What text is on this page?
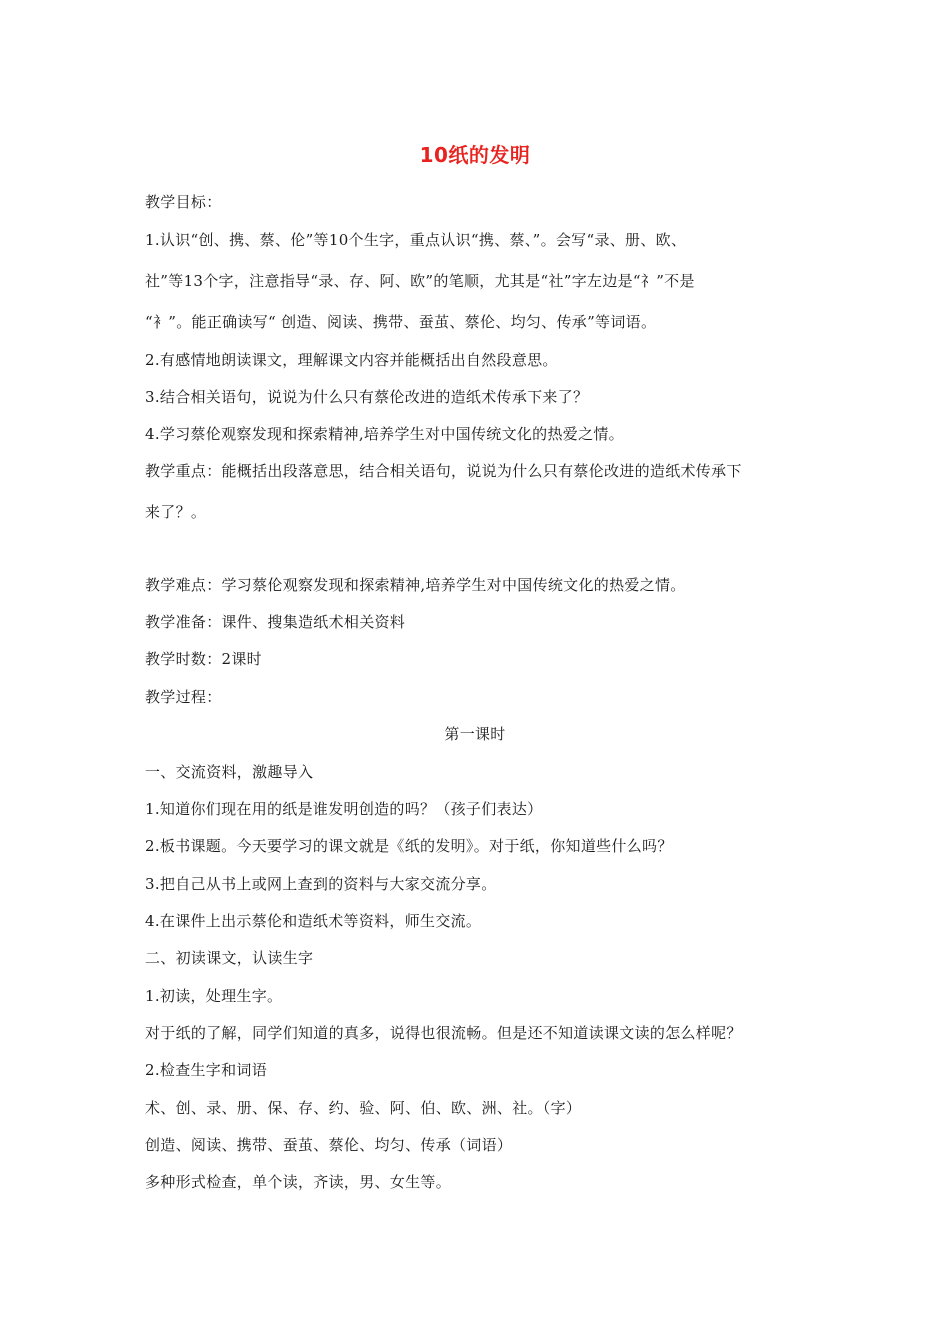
10纸的发明
教学目标：
1.认识“创、携、蔡、伦”等10个生字，重点认识“携、蔡、”。会写“录、册、欧、
社”等13个字，注意指导“录、存、阿、欧”的笔顺，尤其是“社”字左边是“礻”不是
“衤”。能正确读写“ 创造、阅读、携带、蚕茧、蔡伦、均匀、传承”等词语。
2.有感情地朗读课文，理解课文内容并能概括出自然段意思。
3.结合相关语句，说说为什么只有蔡伦改进的造纸术传承下来了？
4.学习蔡伦观察发现和探索精神,培养学生对中国传统文化的热爱之情。
教学重点：能概括出段落意思，结合相关语句，说说为什么只有蔡伦改进的造纸术传承下
来了？。
教学难点：学习蔡伦观察发现和探索精神,培养学生对中国传统文化的热爱之情。
教学准备：课件、搜集造纸术相关资料
教学时数：2课时
教学过程：
第一课时
一、交流资料，激趣导入
1.知道你们现在用的纸是谁发明创造的吗？（孩子们表达）
2.板书课题。今天要学习的课文就是《纸的发明》。对于纸，你知道些什么吗？
3.把自己从书上或网上查到的资料与大家交流分享。
4.在课件上出示蔡伦和造纸术等资料，师生交流。
二、初读课文，认读生字
1.初读，处理生字。
对于纸的了解，同学们知道的真多，说得也很流畅。但是还不知道读课文读的怎么样呢？
2.检查生字和词语
术、创、录、册、保、存、约、验、阿、伯、欧、洲、社。（字）
创造、阅读、携带、蚕茧、蔡伦、均匀、传承（词语）
多种形式检查，单个读，齐读，男、女生等。
